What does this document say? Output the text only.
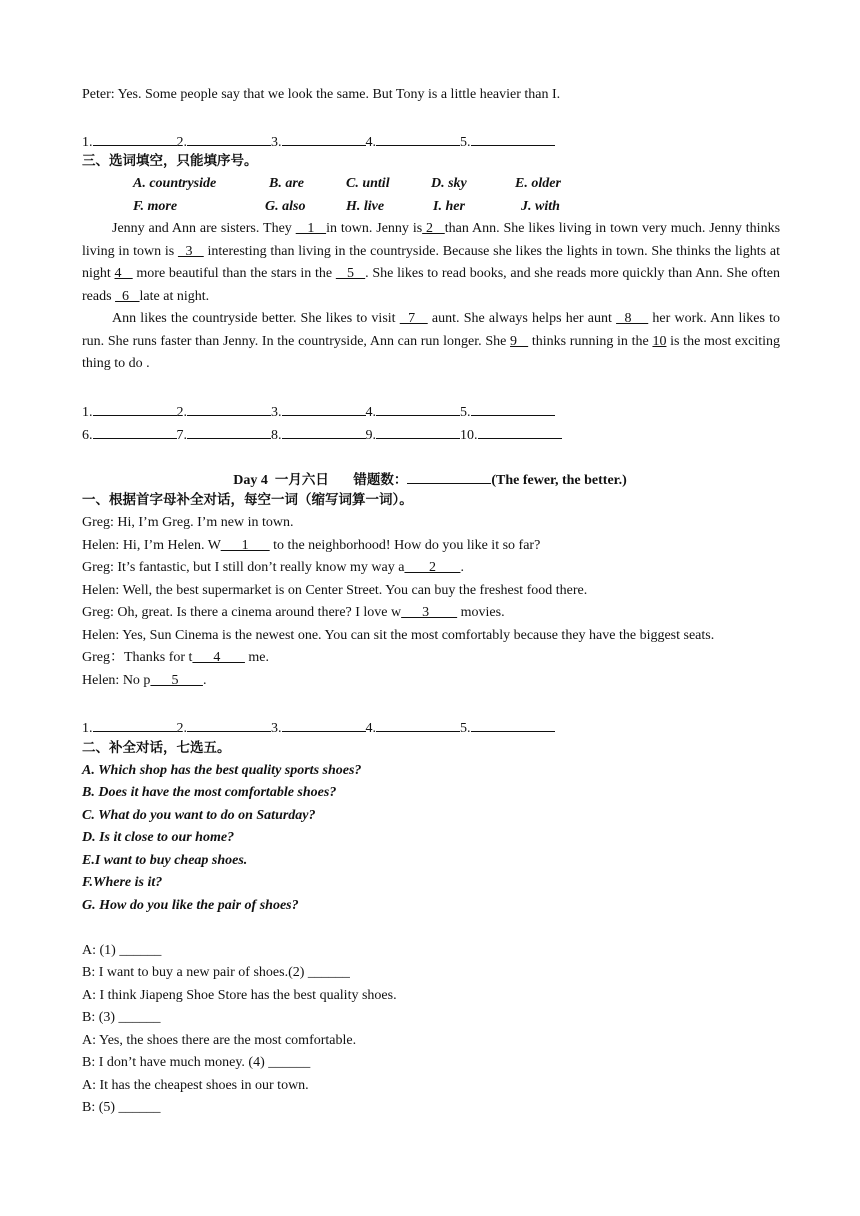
Peter: Yes. Some people say that we look the same. But Tony is a little heavier than I.
1.	2.	3.	4.	5.
三、选词填空，只能填序号。
A. countryside	B. are	C. until	D. sky	E. older
F. more	G. also	H. live	I. her	J. with
Jenny and Ann are sisters. They    1   in town. Jenny is 2   than Ann. She likes living in town very much. Jenny thinks living in town is   3    interesting than living in the countryside. Because she likes the lights in town. She thinks the lights at night 4    more beautiful than the stars in the    5   . She likes to read books, and she reads more quickly than Ann. She often reads   6   late at night.
Ann likes the countryside better. She likes to visit   7    aunt. She always helps her aunt   8     her work. Ann likes to run. She runs faster than Jenny. In the countryside, Ann can run longer. She 9    thinks running in the 10 is the most exciting thing to do .
1.	2.	3.	4.	5.
6.	7.	8.	9.	10.
Day 4 一月六日 错题数：	(The fewer, the better.)
一、根据首字母补全对话，每空一词（缩写词算一词）。
Greg: Hi, I’m Greg. I’m new in town.
Helen: Hi, I’m Helen. W      1       to the neighborhood! How do you like it so far?
Greg: It’s fantastic, but I still don’t really know my way a       2       .
Helen: Well, the best supermarket is on Center Street. You can buy the freshest food there.
Greg: Oh, great. Is there a cinema around there? I love w      3         movies.
Helen: Yes, Sun Cinema is the newest one. You can sit the most comfortably because they have the biggest seats.
Greg：Thanks for t      4        me.
Helen: No p      5       .
1.	2.	3.	4.	5.
二、补全对话，七选五。
A. Which shop has the best quality sports shoes?
B. Does it have the most comfortable shoes?
C. What do you want to do on Saturday?
D. Is it close to our home?
E.I want to buy cheap shoes.
F.Where is it?
G. How do you like the pair of shoes?
A: (1) ______
B: I want to buy a new pair of shoes.(2) ______
A: I think Jiapeng Shoe Store has the best quality shoes.
B: (3) ______
A: Yes, the shoes there are the most comfortable.
B: I don’t have much money. (4) ______
A: It has the cheapest shoes in our town.
B: (5) ______
